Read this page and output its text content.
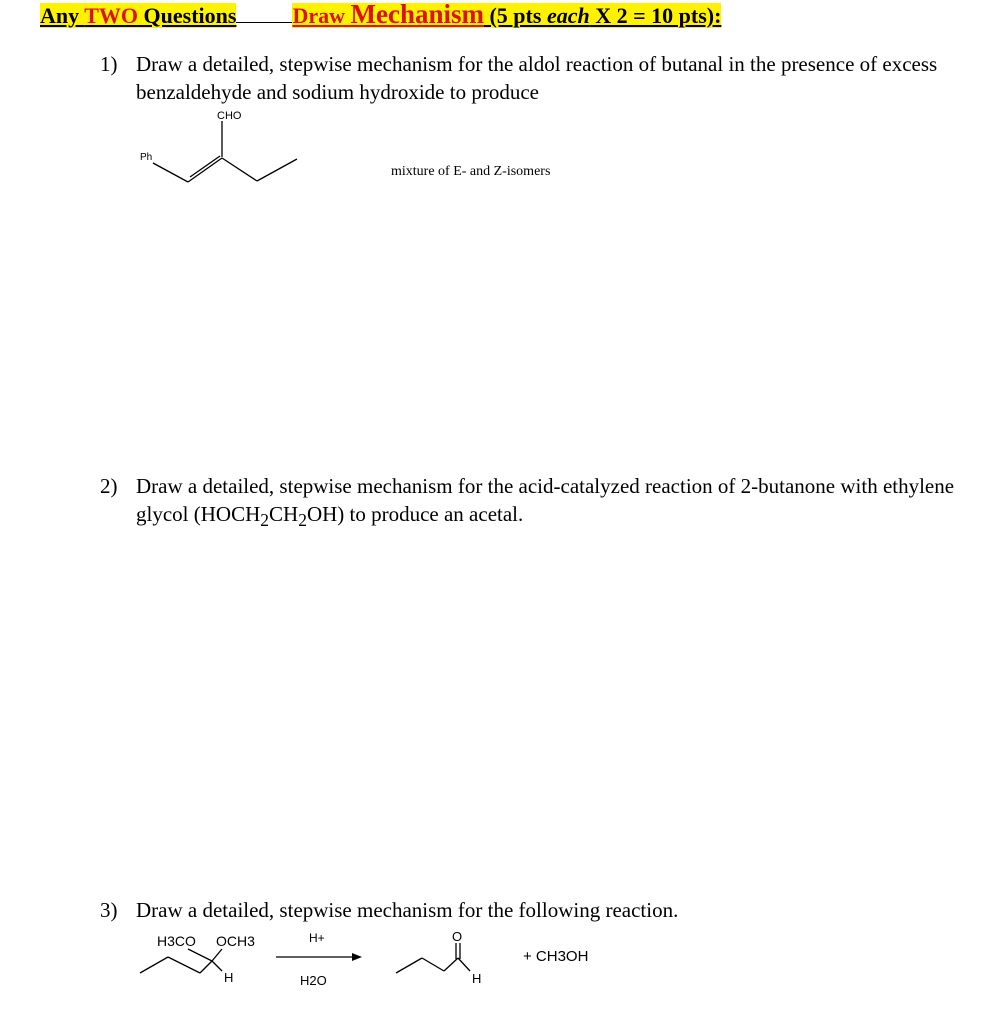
Any TWO Questions	Draw Mechanism (5 pts each X 2 = 10 pts):
1) Draw a detailed, stepwise mechanism for the aldol reaction of butanal in the presence of excess benzaldehyde and sodium hydroxide to produce
CHO
Ph
mixture of E- and Z-isomers
2) Draw a detailed, stepwise mechanism for the acid-catalyzed reaction of 2-butanone with ethylene glycol $(HOCH_2CH_2OH)$ to produce an acetal.
3) Draw a detailed, stepwise mechanism for the following reaction.
H3CO OCH3
H
H+
H2O
O
H
+ CH3OH
